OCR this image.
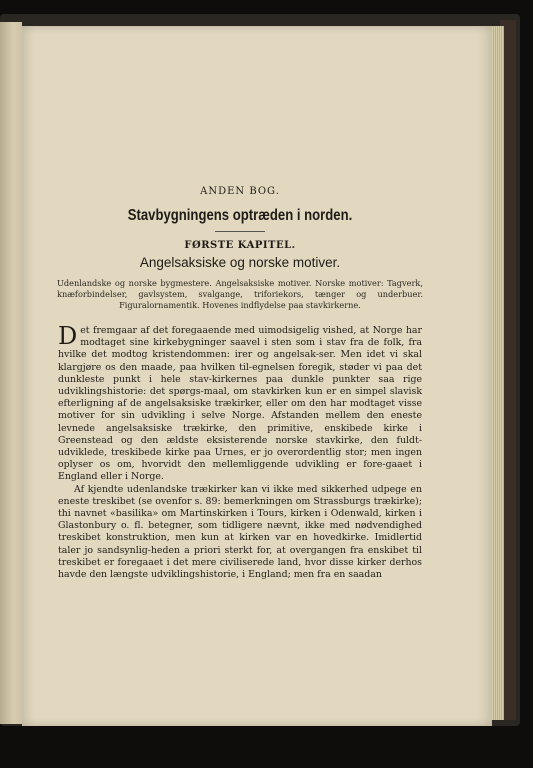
ANDEN BOG.
Stavbygningens optræden i norden.
FØRSTE KAPITEL.
Angelsaksiske og norske motiver.
Udenlandske og norske bygmestere. Angelsaksiske motiver. Norske motiver: Tagverk, knæforbindelser, gavlsystem, svalgange, triforiekors, tænger og underbuer. Figuralornamentik. Hovenes indflydelse paa stavkirkerne.
Det fremgaar af det foregaaende med uimodsigelig vished, at Norge har modtaget sine kirkebygninger saavel i sten som i stav fra de folk, fra hvilke det modtog kristendommen: irer og angelsak-ser. Men idet vi skal klargjøre os den maade, paa hvilken til-egnelsen foregik, støder vi paa det dunkleste punkt i hele stav-kirkernes paa dunkle punkter saa rige udviklingshistorie: det spørgs-maal, om stavkirken kun er en simpel slavisk efterligning af de angelsaksiske trækirker, eller om den har modtaget visse motiver for sin udvikling i selve Norge. Afstanden mellem den eneste levnede angelsaksiske trækirke, den primitive, enskibede kirke i Greenstead og den ældste eksisterende norske stavkirke, den fuldt-udviklede, treskibede kirke paa Urnes, er jo overordentlig stor; men ingen oplyser os om, hvorvidt den mellemliggende udvikling er fore-gaaet i England eller i Norge.
Af kjendte udenlandske trækirker kan vi ikke med sikkerhed udpege en eneste treskibet (se ovenfor s. 89: bemerkningen om Strassburgs trækirke); thi navnet «basilika» om Martinskirken i Tours, kirken i Odenwald, kirken i Glastonbury o. fl. betegner, som tidligere nævnt, ikke med nødvendighed treskibet konstruktion, men kun at kirken var en hovedkirke. Imidlertid taler jo sandsynlig-heden a priori sterkt for, at overgangen fra enskibet til treskibet er foregaaet i det mere civiliserede land, hvor disse kirker derhos havde den længste udviklingshistorie, i England; men fra en saadan
